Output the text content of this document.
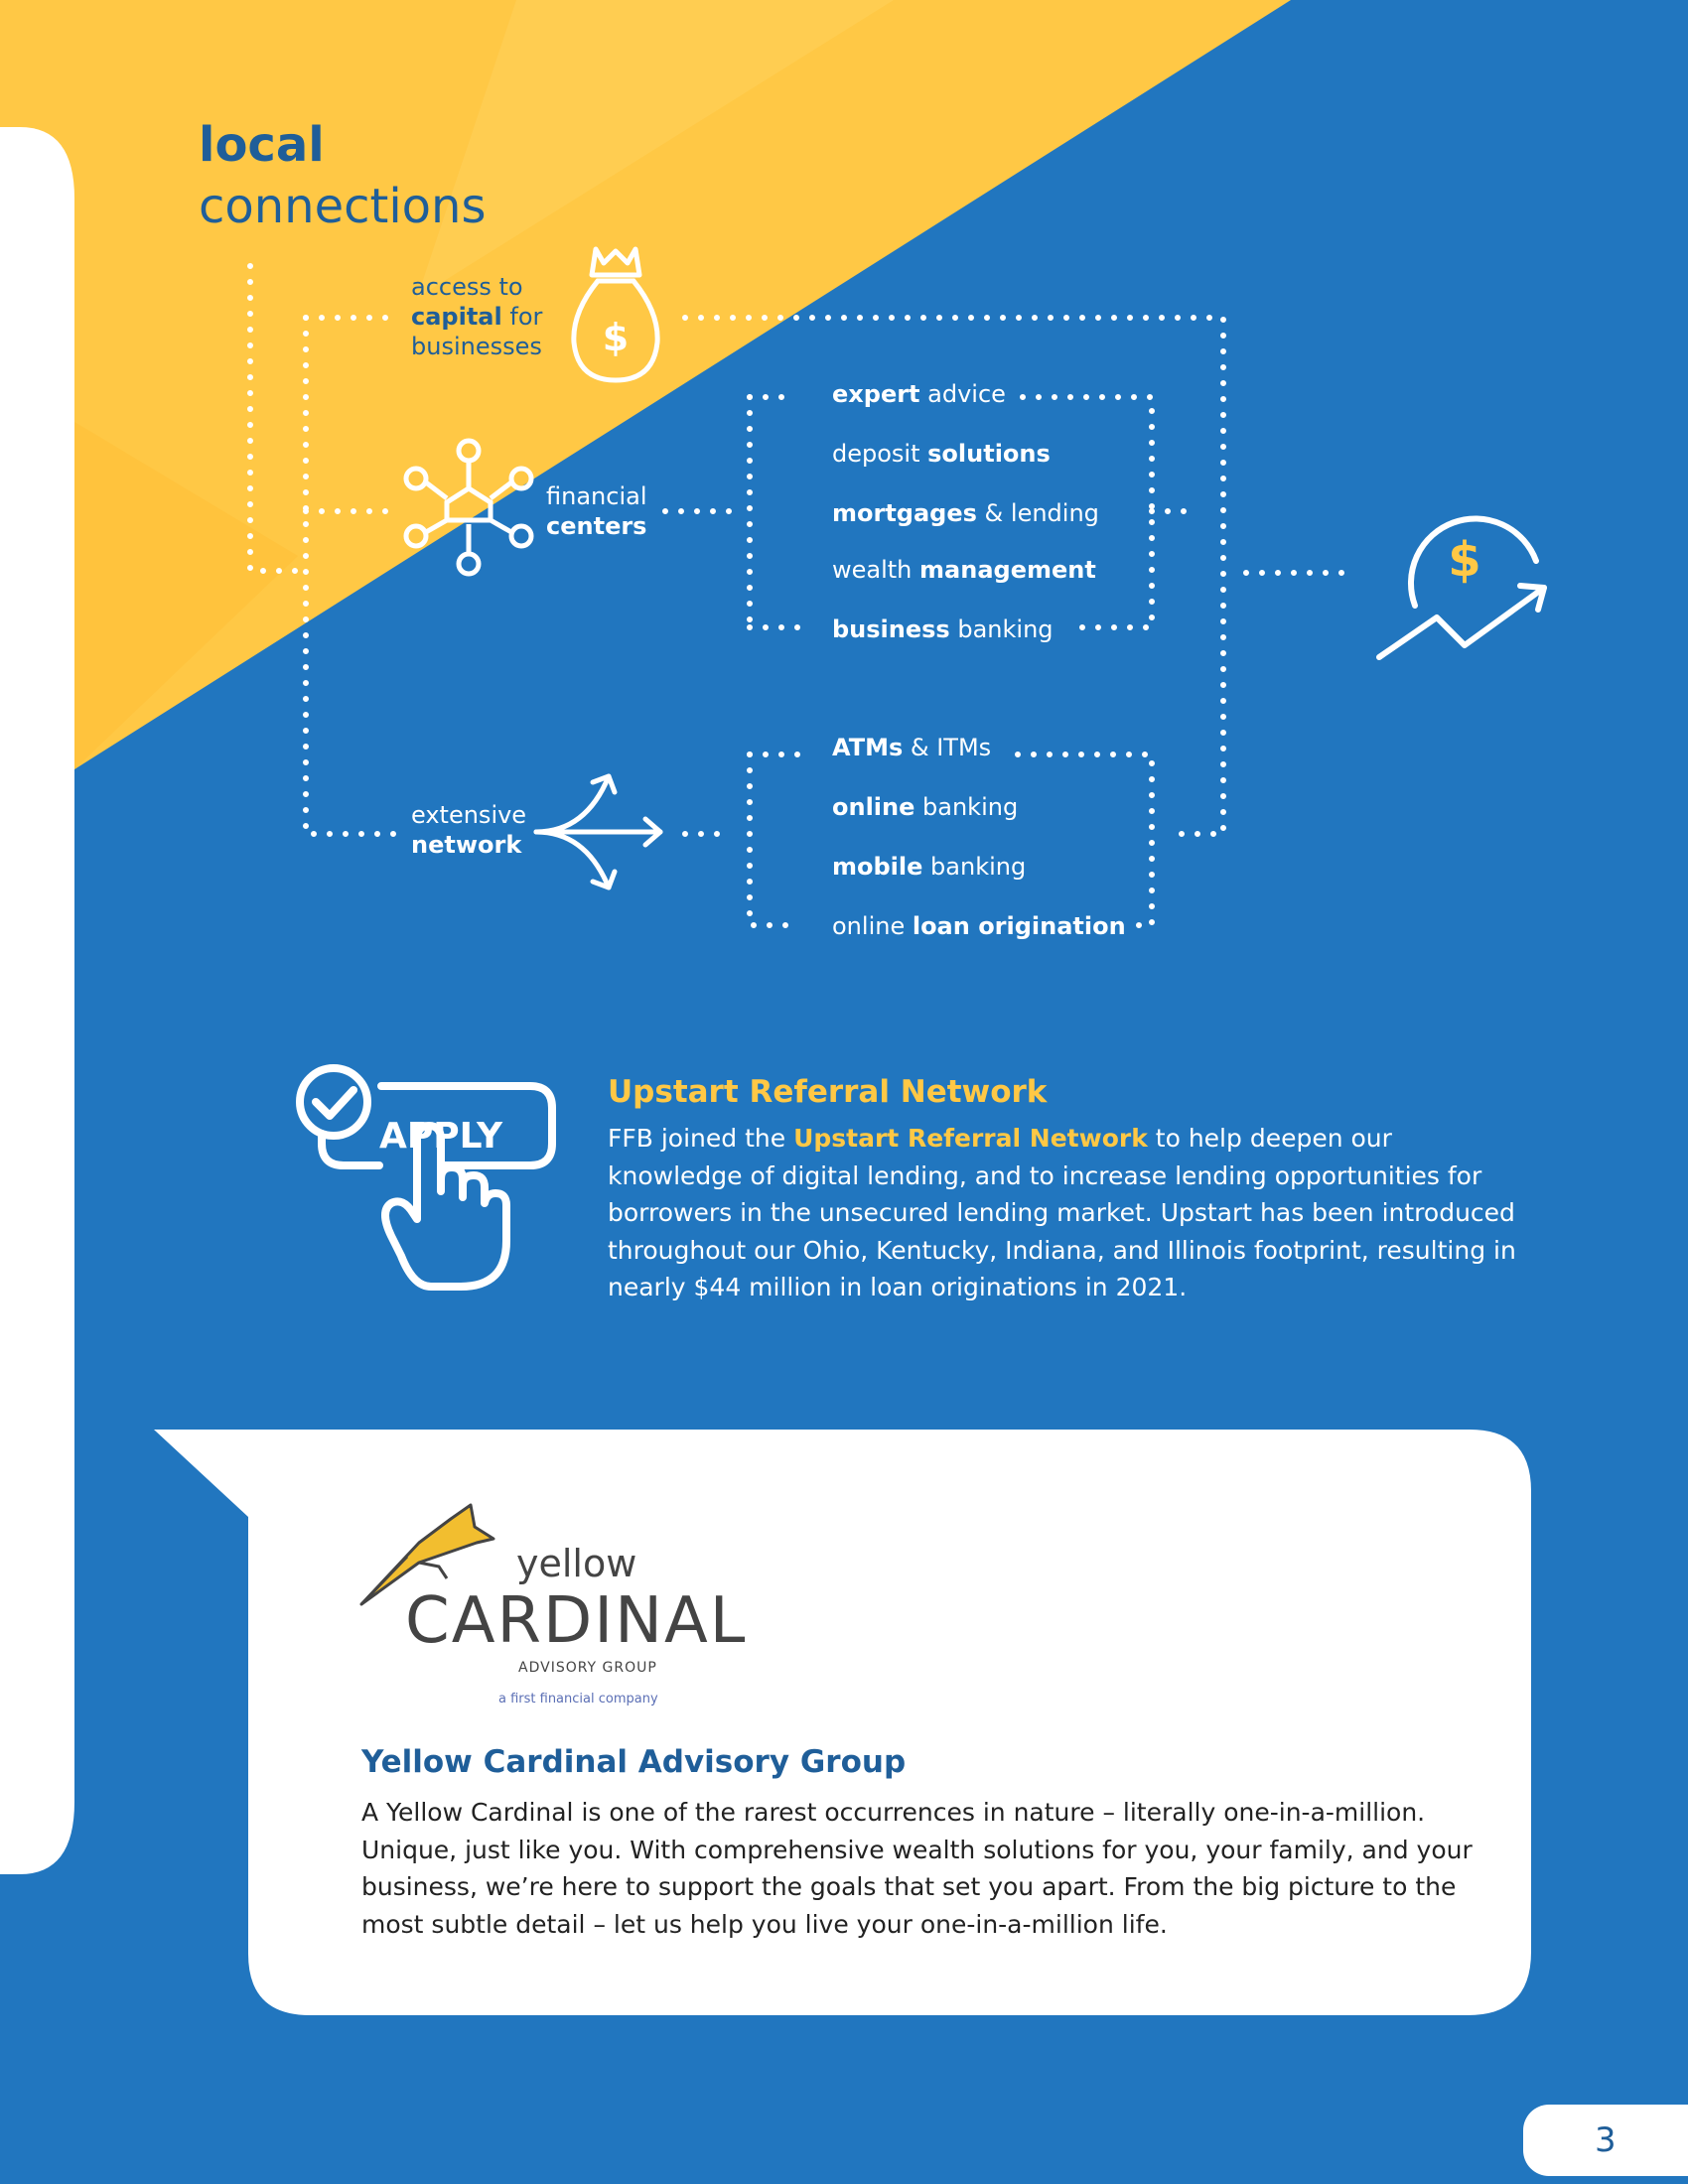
local
connections
access to
capital for
businesses $
financial
centers
extensive
network
$
expert advice
deposit solutions
mortgages & lending
wealth management
business banking
ATMs & ITMs
online banking
mobile banking
online loan origination
APPLY
Upstart Referral Network
FFB joined the Upstart Referral Network to help deepen our knowledge of digital lending, and to increase lending opportunities for borrowers in the unsecured lending market. Upstart has been introduced throughout our Ohio, Kentucky, Indiana, and Illinois footprint, resulting in nearly $44 million in loan originations in 2021.
yellow
CARDINAL
ADVISORY GROUP
a first financial company
Yellow Cardinal Advisory Group
A Yellow Cardinal is one of the rarest occurrences in nature – literally one-in-a-million. Unique, just like you. With comprehensive wealth solutions for you, your family, and your business, we’re here to support the goals that set you apart. From the big picture to the most subtle detail – let us help you live your one-in-a-million life.
3
